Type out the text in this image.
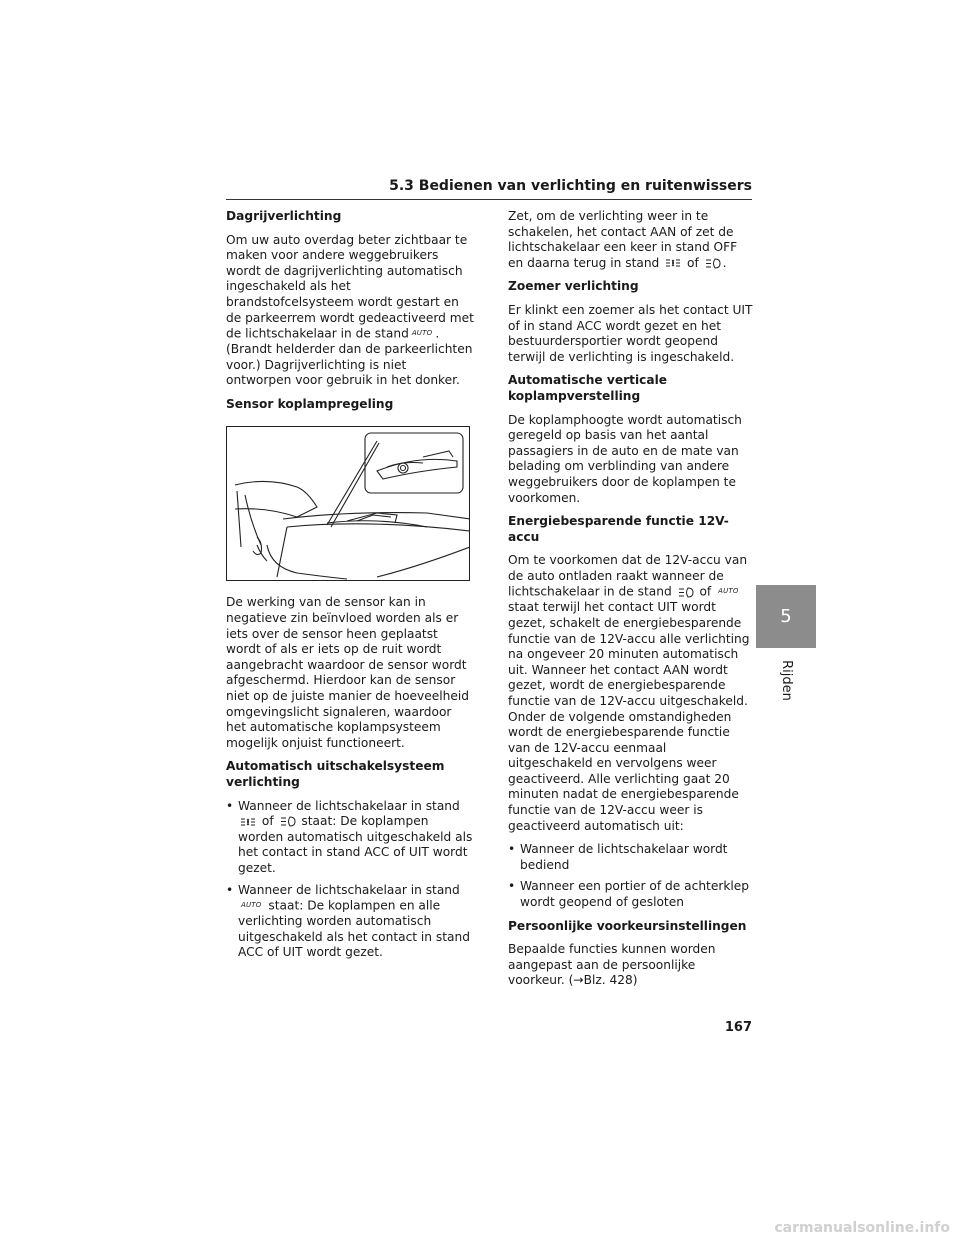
5.3 Bedienen van verlichting en ruitenwissers
Dagrijverlichting

Om uw auto overdag beter zichtbaar te maken voor andere weggebruikers wordt de dagrijverlichting automatisch ingeschakeld als het brandstofcelsysteem wordt gestart en de parkeerrem wordt gedeactiveerd met de lichtschakelaar in de stand AUTO . (Brandt helderder dan de parkeerlichten voor.) Dagrijverlichting is niet ontworpen voor gebruik in het donker.

Sensor koplampregeling

De werking van de sensor kan in negatieve zin beïnvloed worden als er iets over de sensor heen geplaatst wordt of als er iets op de ruit wordt aangebracht waardoor de sensor wordt afgeschermd. Hierdoor kan de sensor niet op de juiste manier de hoeveelheid omgevingslicht signaleren, waardoor het automatische koplampsysteem mogelijk onjuist functioneert.

Automatisch uitschakelsysteem verlichting
• Wanneer de lichtschakelaar in stand

of staat: De koplampen worden automatisch uitgeschakeld als het contact in stand ACC of UIT wordt gezet.
• Wanneer de lichtschakelaar in stand
AUTO staat: De koplampen en alle verlichting worden automatisch uitgeschakeld als het contact in stand ACC of UIT wordt gezet.

Zet, om de verlichting weer in te schakelen, het contact AAN of zet de lichtschakelaar een keer in stand OFF en daarna terug in stand of .

Zoemer verlichting

Er klinkt een zoemer als het contact UIT of in stand ACC wordt gezet en het bestuurdersportier wordt geopend terwijl de verlichting is ingeschakeld.

Automatische verticale koplampverstelling

De koplamphoogte wordt automatisch geregeld op basis van het aantal passagiers in de auto en de mate van belading om verblinding van andere weggebruikers door de koplampen te voorkomen.

Energiebesparende functie 12V-accu

Om te voorkomen dat de 12V-accu van de auto ontladen raakt wanneer de lichtschakelaar in de stand of AUTO staat terwijl het contact UIT wordt gezet, schakelt de energiebesparende functie van de 12V-accu alle verlichting na ongeveer 20 minuten automatisch uit. Wanneer het contact AAN wordt gezet, wordt de energiebesparende functie van de 12V-accu uitgeschakeld. Onder de volgende omstandigheden wordt de energiebesparende functie van de 12V-accu eenmaal uitgeschakeld en vervolgens weer geactiveerd. Alle verlichting gaat 20 minuten nadat de energiebesparende functie van de 12V-accu weer is geactiveerd automatisch uit:

• Wanneer de lichtschakelaar wordt bediend
• Wanneer een portier of de achterklep wordt geopend of gesloten
Persoonlijke voorkeursinstellingen

Bepaalde functies kunnen worden aangepast aan de persoonlijke voorkeur. (→Blz. 428)

5
Rijden
167
carmanualsonline.info
